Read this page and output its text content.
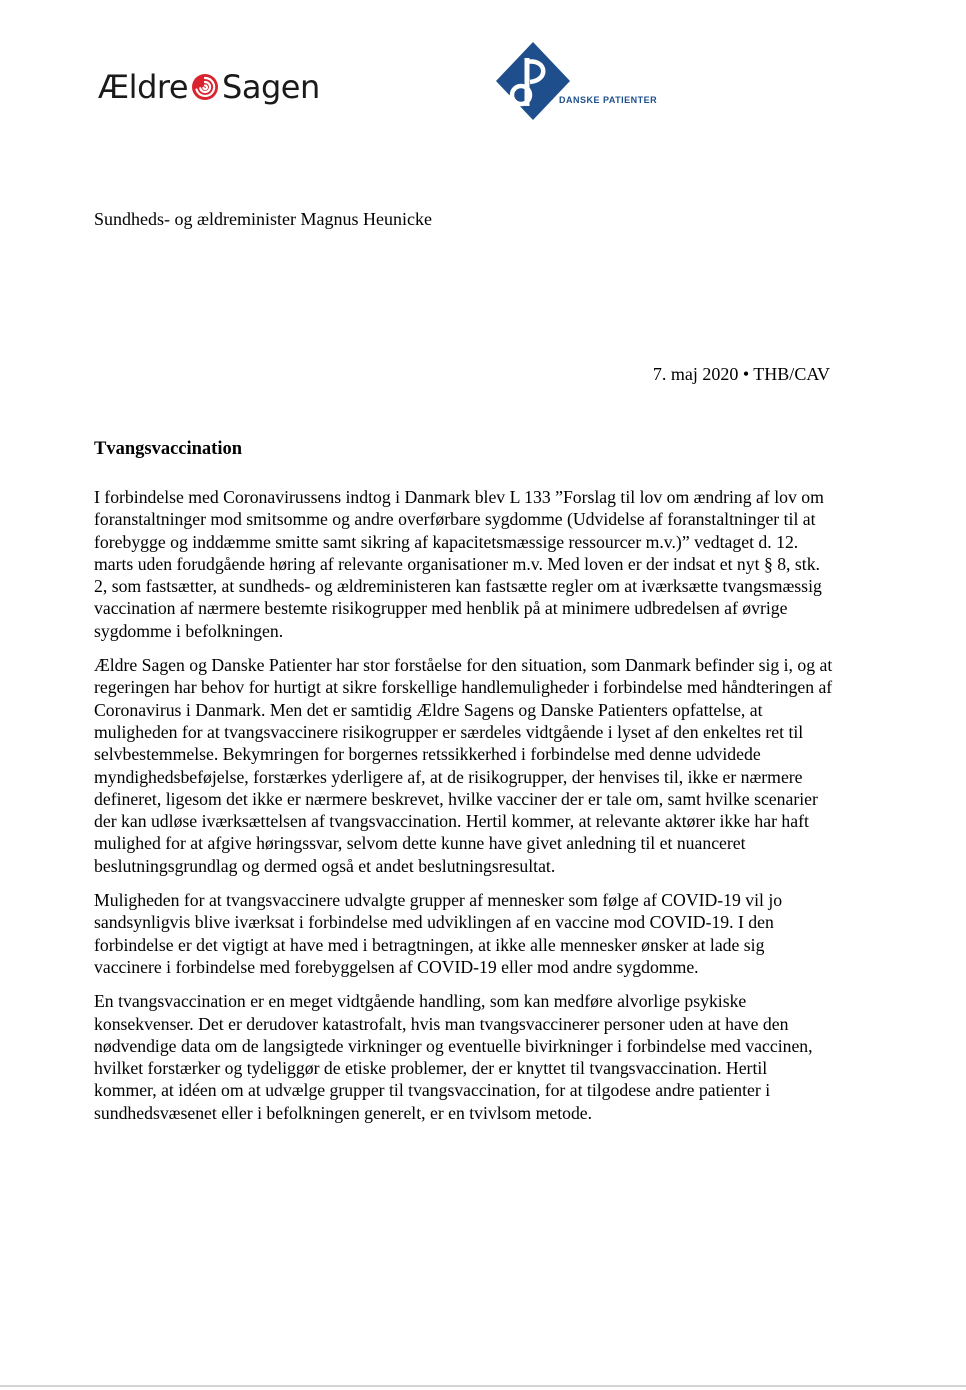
Ældre Sagen	DANSKE PATIENTER
Sundheds- og ældreminister Magnus Heunicke
7. maj 2020 • THB/CAV
Tvangsvaccination

I forbindelse med Coronavirussens indtog i Danmark blev L 133 ”Forslag til lov om ændring af lov om foranstaltninger mod smitsomme og andre overførbare sygdomme (Udvidelse af foranstaltninger til at forebygge og inddæmme smitte samt sikring af kapacitetsmæssige ressourcer m.v.)” vedtaget d. 12. marts uden forudgående høring af relevante organisationer m.v. Med loven er der indsat et nyt § 8, stk. 2, som fastsætter, at sundheds- og ældreministeren kan fastsætte regler om at iværksætte tvangsmæssig vaccination af nærmere bestemte risikogrupper med henblik på at minimere udbredelsen af øvrige sygdomme i befolkningen.

Ældre Sagen og Danske Patienter har stor forståelse for den situation, som Danmark befinder sig i, og at regeringen har behov for hurtigt at sikre forskellige handlemuligheder i forbindelse med håndteringen af Coronavirus i Danmark. Men det er samtidig Ældre Sagens og Danske Patienters opfattelse, at muligheden for at tvangsvaccinere risikogrupper er særdeles vidtgående i lyset af den enkeltes ret til selvbestemmelse. Bekymringen for borgernes retssikkerhed i forbindelse med denne udvidede myndighedsbeføjelse, forstærkes yderligere af, at de risikogrupper, der henvises til, ikke er nærmere defineret, ligesom det ikke er nærmere beskrevet, hvilke vacciner der er tale om, samt hvilke scenarier der kan udløse iværksættelsen af tvangsvaccination. Hertil kommer, at relevante aktører ikke har haft mulighed for at afgive høringssvar, selvom dette kunne have givet anledning til et nuanceret beslutningsgrundlag og dermed også et andet beslutningsresultat.

Muligheden for at tvangsvaccinere udvalgte grupper af mennesker som følge af COVID-19 vil jo sandsynligvis blive iværksat i forbindelse med udviklingen af en vaccine mod COVID-19. I den forbindelse er det vigtigt at have med i betragtningen, at ikke alle mennesker ønsker at lade sig vaccinere i forbindelse med forebyggelsen af COVID-19 eller mod andre sygdomme.

En tvangsvaccination er en meget vidtgående handling, som kan medføre alvorlige psykiske konsekvenser. Det er derudover katastrofalt, hvis man tvangsvaccinerer personer uden at have den nødvendige data om de langsigtede virkninger og eventuelle bivirkninger i forbindelse med vaccinen, hvilket forstærker og tydeliggør de etiske problemer, der er knyttet til tvangsvaccination. Hertil kommer, at idéen om at udvælge grupper til tvangsvaccination, for at tilgodese andre patienter i sundhedsvæsenet eller i befolkningen generelt, er en tvivlsom metode.
